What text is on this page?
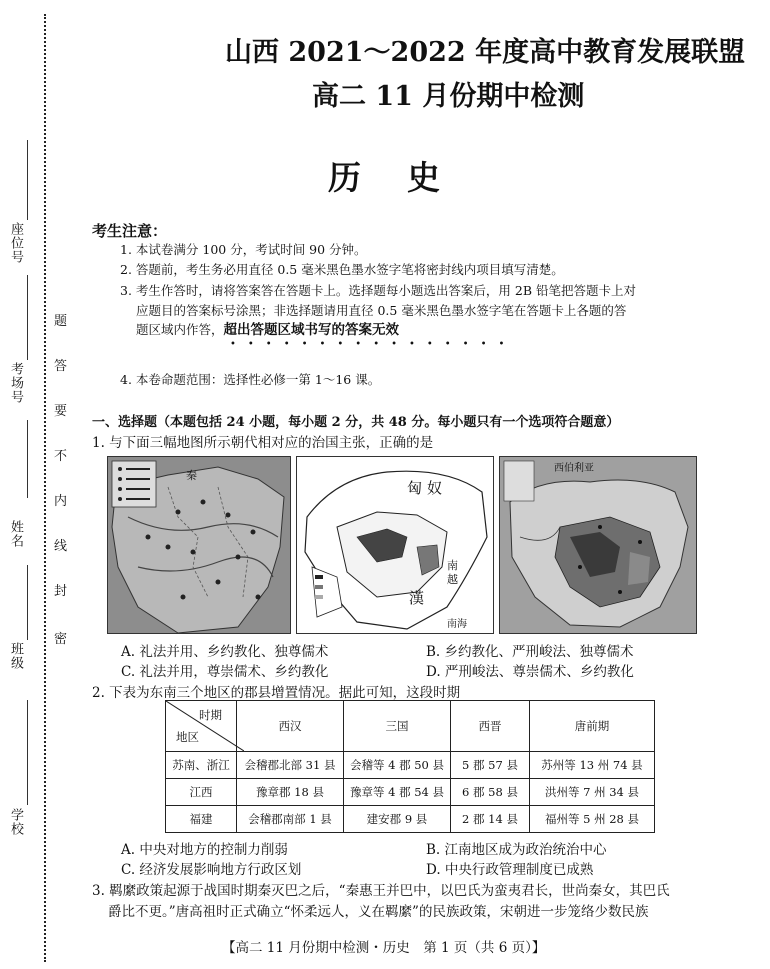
座位号
考场号
姓名
班级
学校
题
答
要
不
内
线
封
密
山西 2021～2022 年度高中教育发展联盟
高二 11 月份期中检测
历史
考生注意：
1. 本试卷满分 100 分，考试时间 90 分钟。
2. 答题前，考生务必用直径 0.5 毫米黑色墨水签字笔将密封线内项目填写清楚。
3. 考生作答时，请将答案答在答题卡上。选择题每小题选出答案后，用 2B 铅笔把答题卡上对
应题目的答案标号涂黑；非选择题请用直径 0.5 毫米黑色墨水签字笔在答题卡上各题的答
题区域内作答，超出答题区域书写的答案无效
••••••••••••••••
4. 本卷命题范围：选择性必修一第 1～16 课。
一、选择题（本题包括 24 小题，每小题 2 分，共 48 分。每小题只有一个选项符合题意）
1. 与下面三幅地图所示朝代相对应的治国主张，正确的是
秦
匈 奴
漢
南
越
南海
西伯利亚
A. 礼法并用、乡约教化、独尊儒术	B. 乡约教化、严刑峻法、独尊儒术
C. 礼法并用，尊崇儒术、乡约教化	D. 严刑峻法、尊崇儒术、乡约教化
2. 下表为东南三个地区的郡县增置情况。据此可知，这段时期
时期
地区	西汉	三国	西晋	唐前期
苏南、浙江	会稽郡北部 31 县	会稽等 4 郡 50 县	5 郡 57 县	苏州等 13 州 74 县
江西	豫章郡 18 县	豫章等 4 郡 54 县	6 郡 58 县	洪州等 7 州 34 县
福建	会稽郡南部 1 县	建安郡 9 县	2 郡 14 县	福州等 5 州 28 县
A. 中央对地方的控制力削弱	B. 江南地区成为政治统治中心
C. 经济发展影响地方行政区划	D. 中央行政管理制度已成熟
3. 羁縻政策起源于战国时期秦灭巴之后，“秦惠王并巴中，以巴氏为蛮夷君长，世尚秦女，其巴氏
爵比不更。”唐高祖时正式确立“怀柔远人，义在羁縻”的民族政策，宋朝进一步笼络少数民族
【高二 11 月份期中检测・历史　第 1 页（共 6 页）】
